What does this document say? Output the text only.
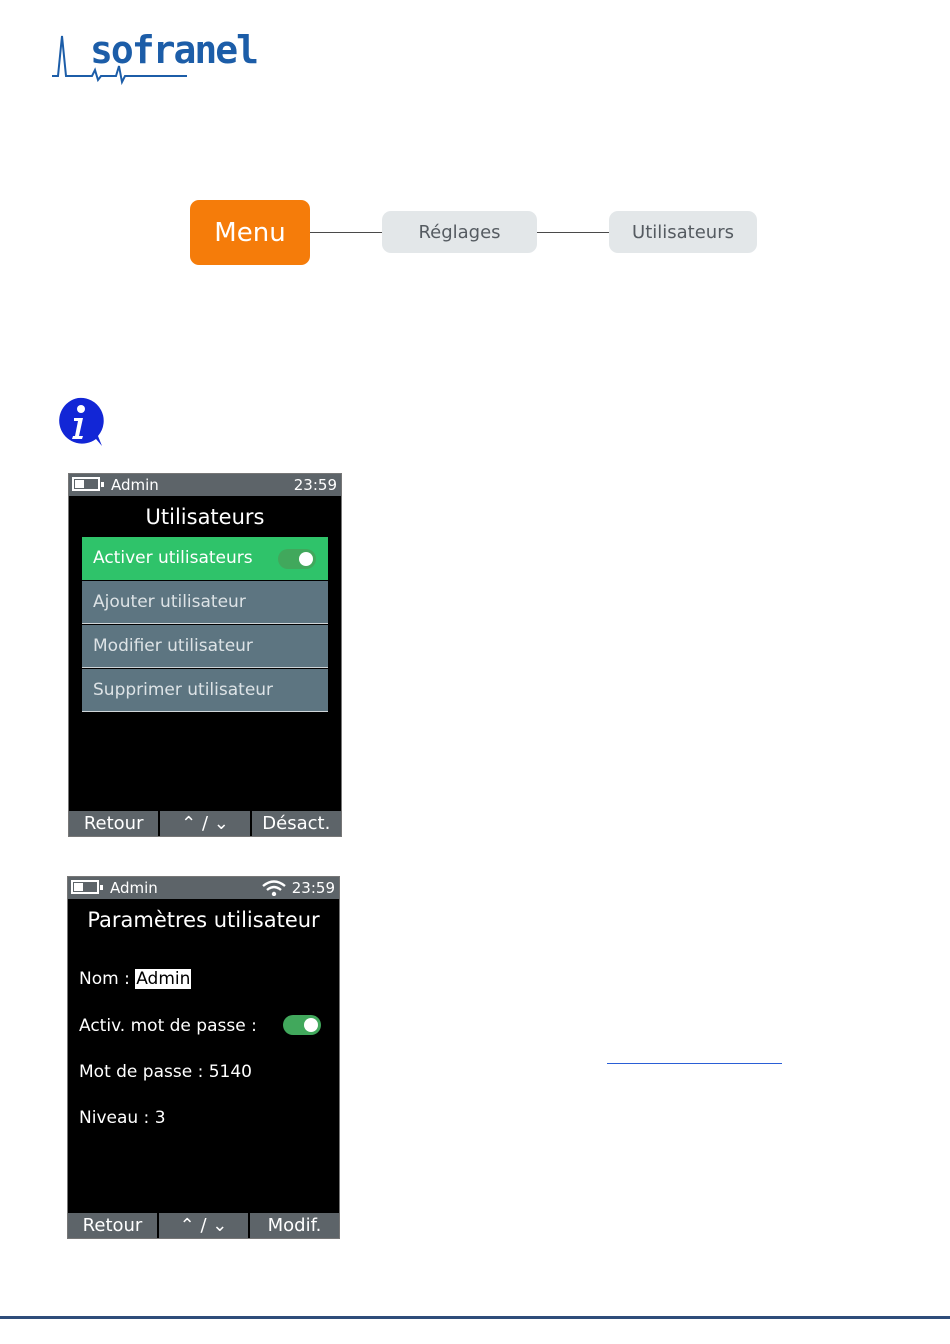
sofranel
Menu	Réglages	Utilisateurs
Admin	23:59
Utilisateurs
Activer utilisateurs
Ajouter utilisateur
Modifier utilisateur
Supprimer utilisateur
Retour	⌃ / ⌄	Désact.
Admin	23:59
Paramètres utilisateur
Nom : Admin
Activ. mot de passe :
Mot de passe : 5140
Niveau : 3
Retour	⌃ / ⌄	Modif.
